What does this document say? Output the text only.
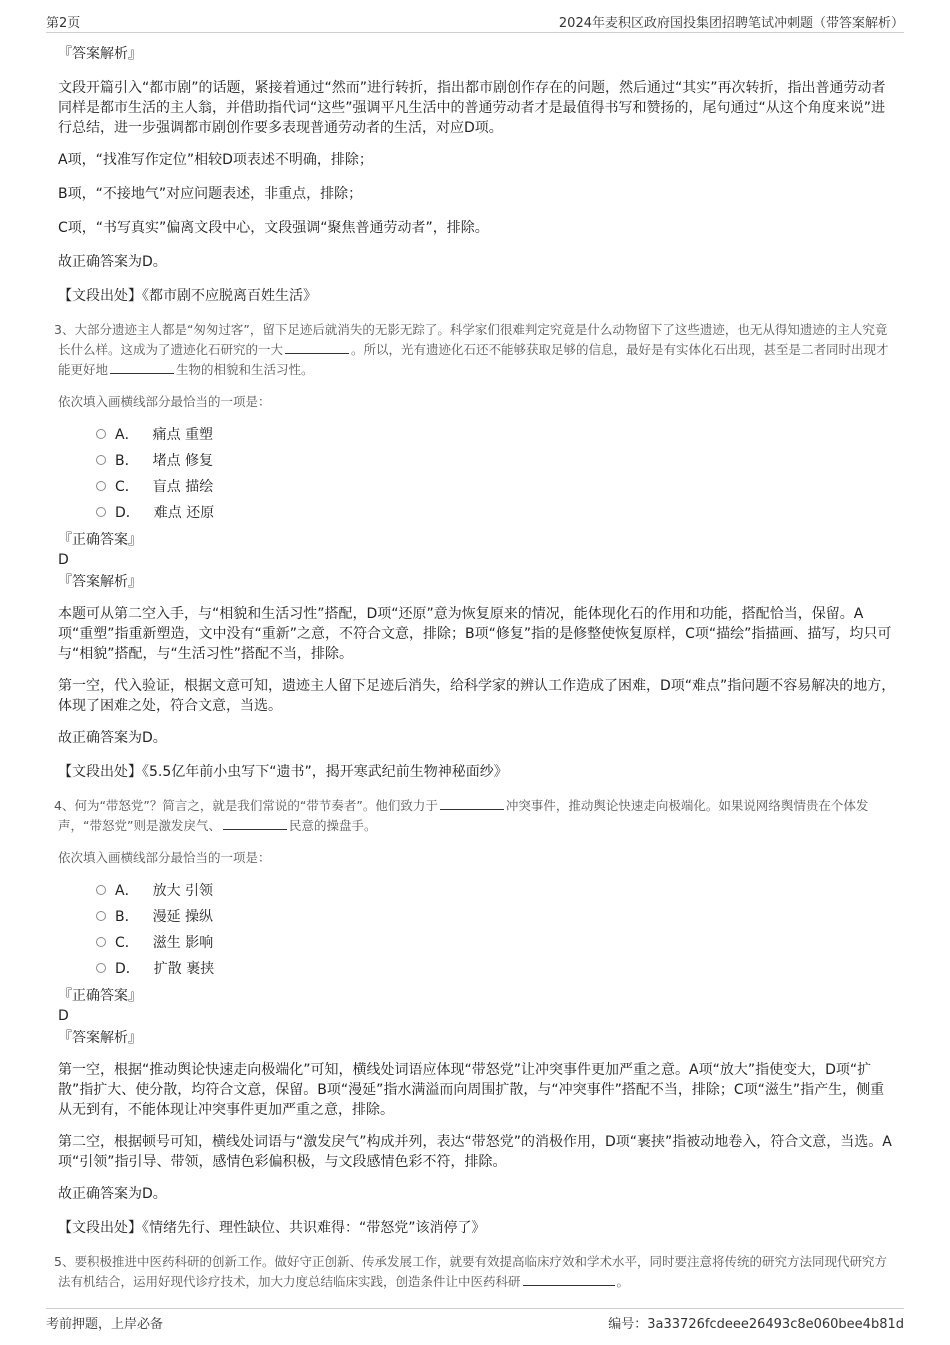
第2页	2024年麦积区政府国投集团招聘笔试冲刺题（带答案解析）
『答案解析』

文段开篇引入“都市剧”的话题，紧接着通过“然而”进行转折，指出都市剧创作存在的问题，然后通过“其实”再次转折，指出普通劳动者同样是都市生活的主人翁，并借助指代词“这些”强调平凡生活中的普通劳动者才是最值得书写和赞扬的，尾句通过“从这个角度来说”进行总结，进一步强调都市剧创作要多表现普通劳动者的生活，对应D项。

A项，“找准写作定位”相较D项表述不明确，排除；

B项，“不接地气”对应问题表述，非重点，排除；

C项，“书写真实”偏离文段中心，文段强调“聚焦普通劳动者”，排除。

故正确答案为D。

【文段出处】《都市剧不应脱离百姓生活》

3、大部分遗迹主人都是“匆匆过客”，留下足迹后就消失的无影无踪了。科学家们很难判定究竟是什么动物留下了这些遗迹，也无从得知遗迹的主人究竟长什么样。这成为了遗迹化石研究的一大	。所以，光有遗迹化石还不能够获取足够的信息，最好是有实体化石出现，甚至是二者同时出现才能更好地	生物的相貌和生活习性。

依次填入画横线部分最恰当的一项是：

A． 痛点 重塑
B． 堵点 修复
C． 盲点 描绘
D． 难点 还原
『正确答案』
D
『答案解析』

本题可从第二空入手，与“相貌和生活习性”搭配，D项“还原”意为恢复原来的情况，能体现化石的作用和功能，搭配恰当，保留。A项“重塑”指重新塑造，文中没有“重新”之意，不符合文意，排除；B项“修复”指的是修整使恢复原样，C项“描绘”指描画、描写，均只可与“相貌”搭配，与“生活习性”搭配不当，排除。

第一空，代入验证，根据文意可知，遗迹主人留下足迹后消失，给科学家的辨认工作造成了困难，D项“难点”指问题不容易解决的地方，体现了困难之处，符合文意，当选。

故正确答案为D。

【文段出处】《5.5亿年前小虫写下“遗书”，揭开寒武纪前生物神秘面纱》

4、何为“带怒党”？简言之，就是我们常说的“带节奏者”。他们致力于	冲突事件，推动舆论快速走向极端化。如果说网络舆情贵在个体发声，“带怒党”则是激发戾气、	民意的操盘手。

依次填入画横线部分最恰当的一项是：

A． 放大 引领
B． 漫延 操纵
C． 滋生 影响
D． 扩散 裹挟
『正确答案』
D
『答案解析』

第一空，根据“推动舆论快速走向极端化”可知，横线处词语应体现“带怒党”让冲突事件更加严重之意。A项“放大”指使变大，D项“扩散”指扩大、使分散，均符合文意，保留。B项“漫延”指水满溢而向周围扩散，与“冲突事件”搭配不当，排除；C项“滋生”指产生，侧重从无到有，不能体现让冲突事件更加严重之意，排除。

第二空，根据顿号可知，横线处词语与“激发戾气”构成并列，表达“带怒党”的消极作用，D项“裹挟”指被动地卷入，符合文意，当选。A项“引领”指引导、带领，感情色彩偏积极，与文段感情色彩不符，排除。

故正确答案为D。

【文段出处】《情绪先行、理性缺位、共识难得：“带怒党”该消停了》

5、要积极推进中医药科研的创新工作。做好守正创新、传承发展工作，就要有效提高临床疗效和学术水平，同时要注意将传统的研究方法同现代研究方法有机结合，运用好现代诊疗技术，加大力度总结临床实践，创造条件让中医药科研	。

考前押题，上岸必备	编号：3a33726fcdeee26493c8e060bee4b81d
